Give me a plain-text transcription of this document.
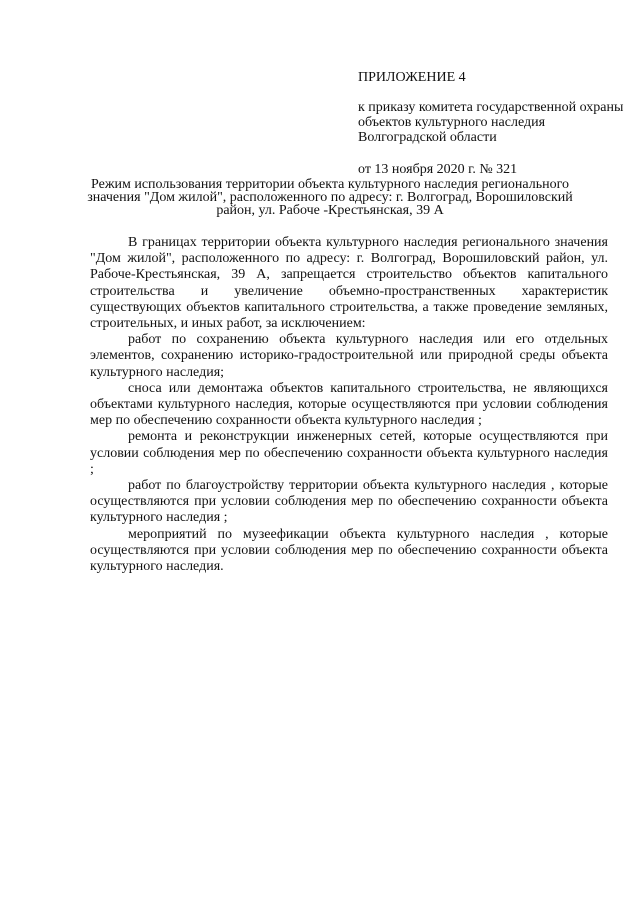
ПРИЛОЖЕНИЕ 4
к приказу комитета государственной охраны объектов культурного наследия Волгоградской области
от 13 ноября 2020 г. № 321
Режим использования территории объекта культурного наследия регионального значения "Дом жилой", расположенного по адресу: г. Волгоград, Ворошиловский район, ул. Рабоче -Крестьянская, 39 А

В границах территории объекта культурного наследия регионального значения "Дом жилой", расположенного по адресу: г. Волгоград, Ворошиловский район, ул. Рабоче-Крестьянская, 39 А, запрещается строительство объектов капитального строительства и увеличение объемно-пространственных характеристик существующих объектов капитального строительства, а также проведение земляных, строительных, и иных работ, за исключением:

работ по сохранению объекта культурного наследия или его отдельных элементов, сохранению историко-градостроительной или природной среды объекта культурного наследия;

сноса или демонтажа объектов капитального строительства, не являющихся объектами культурного наследия, которые осуществляются при условии соблюдения мер по обеспечению сохранности объекта культурного наследия ;

ремонта и реконструкции инженерных сетей, которые осуществляются при условии соблюдения мер по обеспечению сохранности объекта культурного наследия ;

работ по благоустройству территории объекта культурного наследия , которые осуществляются при условии соблюдения мер по обеспечению сохранности объекта культурного наследия ;

мероприятий по музеефикации объекта культурного наследия , которые осуществляются при условии соблюдения мер по обеспечению сохранности объекта культурного наследия.
